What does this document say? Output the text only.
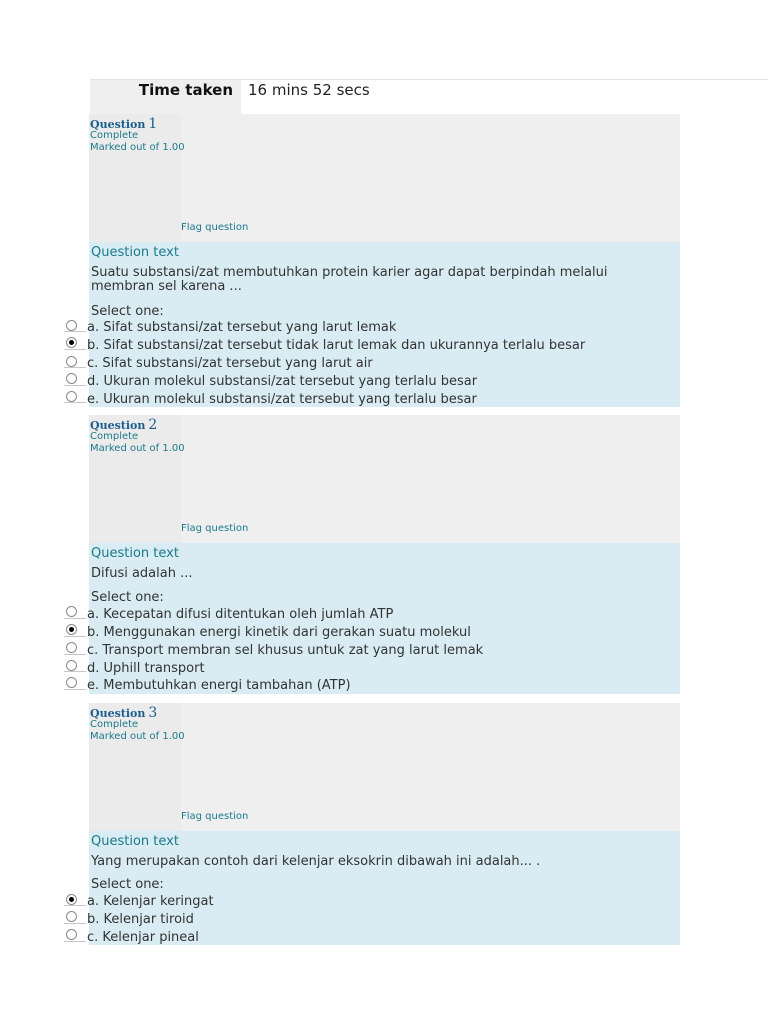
Time taken	16 mins 52 secs
Question 1
Complete
Marked out of 1.00
Flag question
Question text
Suatu substansi/zat membutuhkan protein karier agar dapat berpindah melalui membran sel karena ...
Select one:
a. Sifat substansi/zat tersebut yang larut lemak
b. Sifat substansi/zat tersebut tidak larut lemak dan ukurannya terlalu besar
c. Sifat substansi/zat tersebut yang larut air
d. Ukuran molekul substansi/zat tersebut yang terlalu besar
e. Ukuran molekul substansi/zat tersebut yang terlalu besar
Question 2
Complete
Marked out of 1.00
Flag question
Question text
Difusi adalah ...
Select one:
a. Kecepatan difusi ditentukan oleh jumlah ATP
b. Menggunakan energi kinetik dari gerakan suatu molekul
c. Transport membran sel khusus untuk zat yang larut lemak
d. Uphill transport
e. Membutuhkan energi tambahan (ATP)
Question 3
Complete
Marked out of 1.00
Flag question
Question text
Yang merupakan contoh dari kelenjar eksokrin dibawah ini adalah... .
Select one:
a. Kelenjar keringat
b. Kelenjar tiroid
c. Kelenjar pineal
